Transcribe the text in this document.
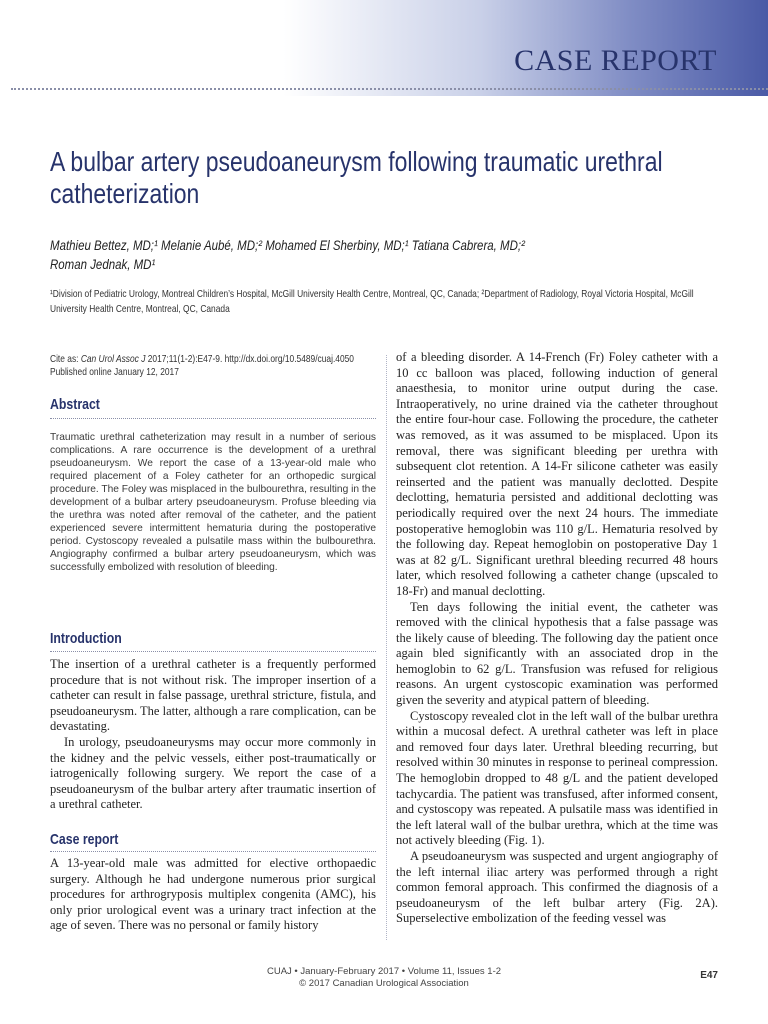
CASE REPORT
A bulbar artery pseudoaneurysm following traumatic urethral catheterization
Mathieu Bettez, MD;¹ Melanie Aubé, MD;² Mohamed El Sherbiny, MD;¹ Tatiana Cabrera, MD;²
Roman Jednak, MD¹
¹Division of Pediatric Urology, Montreal Children’s Hospital, McGill University Health Centre, Montreal, QC, Canada; ²Department of Radiology, Royal Victoria Hospital, McGill University Health Centre, Montreal, QC, Canada
Cite as: Can Urol Assoc J 2017;11(1-2):E47-9. http://dx.doi.org/10.5489/cuaj.4050
Published online January 12, 2017
Abstract
Traumatic urethral catheterization may result in a number of serious complications. A rare occurrence is the development of a urethral pseudoaneurysm. We report the case of a 13-year-old male who required placement of a Foley catheter for an orthopedic surgical procedure. The Foley was misplaced in the bulbourethra, resulting in the development of a bulbar artery pseudoaneurysm. Profuse bleeding via the urethra was noted after removal of the catheter, and the patient experienced severe intermittent hematuria during the postoperative period. Cystoscopy revealed a pulsatile mass within the bulbourethra. Angiography confirmed a bulbar artery pseudoaneurysm, which was successfully embolized with resolution of bleeding.
Introduction

The insertion of a urethral catheter is a frequently performed procedure that is not without risk. The improper insertion of a catheter can result in false passage, urethral stricture, fistula, and pseudoaneurysm. The latter, although a rare complication, can be devastating.

In urology, pseudoaneurysms may occur more commonly in the kidney and the pelvic vessels, either post-traumatically or iatrogenically following surgery. We report the case of a pseudoaneurysm of the bulbar artery after traumatic insertion of a urethral catheter.

Case report

A 13-year-old male was admitted for elective orthopaedic surgery. Although he had undergone numerous prior surgical procedures for arthrogryposis multiplex congenita (AMC), his only prior urological event was a urinary tract infection at the age of seven. There was no personal or family history

of a bleeding disorder. A 14-French (Fr) Foley catheter with a 10 cc balloon was placed, following induction of general anaesthesia, to monitor urine output during the case. Intraoperatively, no urine drained via the catheter throughout the entire four-hour case. Following the procedure, the catheter was removed, as it was assumed to be misplaced. Upon its removal, there was significant bleeding per urethra with subsequent clot retention. A 14-Fr silicone catheter was easily reinserted and the patient was manually declotted. Despite declotting, hematuria persisted and additional declotting was periodically required over the next 24 hours. The immediate postoperative hemoglobin was 110 g/L. Hematuria resolved by the following day. Repeat hemoglobin on postoperative Day 1 was at 82 g/L. Significant urethral bleeding recurred 48 hours later, which resolved following a catheter change (upscaled to 18-Fr) and manual declotting.

Ten days following the initial event, the catheter was removed with the clinical hypothesis that a false passage was the likely cause of bleeding. The following day the patient once again bled significantly with an associated drop in the hemoglobin to 62 g/L. Transfusion was refused for religious reasons. An urgent cystoscopic examination was performed given the severity and atypical pattern of bleeding.

Cystoscopy revealed clot in the left wall of the bulbar urethra within a mucosal defect. A urethral catheter was left in place and removed four days later. Urethral bleeding recurring, but resolved within 30 minutes in response to perineal compression. The hemoglobin dropped to 48 g/L and the patient developed tachycardia. The patient was transfused, after informed consent, and cystoscopy was repeated. A pulsatile mass was identified in the left lateral wall of the bulbar urethra, which at the time was not actively bleeding (Fig. 1).

A pseudoaneurysm was suspected and urgent angiography of the left internal iliac artery was performed through a right common femoral approach. This confirmed the diagnosis of a pseudoaneurysm of the left bulbar artery (Fig. 2A). Superselective embolization of the feeding vessel was

CUAJ • January-February 2017 • Volume 11, Issues 1-2
© 2017 Canadian Urological Association
E47
